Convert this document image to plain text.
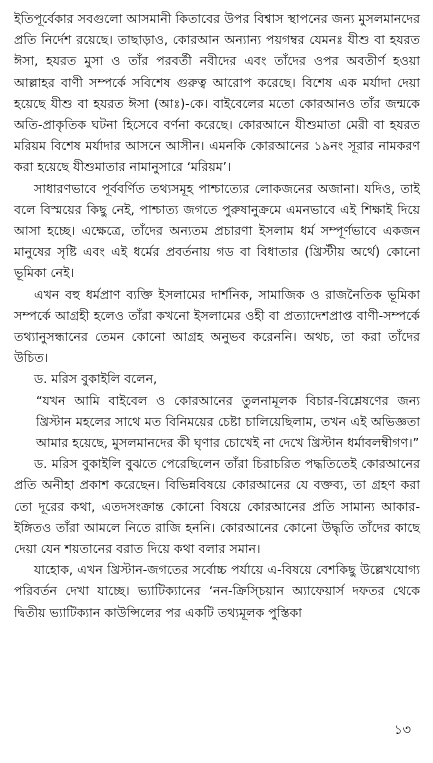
ইতিপূর্বেকার সবগুলো আসমানী কিতাবের উপর বিশ্বাস স্থাপনের জন্য মুসলমানদের প্রতি নির্দেশ রয়েছে। তাছাড়াও, কোরআন অন্যান্য পয়গম্বর যেমনঃ যীশু বা হযরত ঈসা, হযরত মুসা ও তাঁর পরবর্তী নবীদের এবং তাঁদের ওপর অবতীর্ণ হওয়া আল্লাহর বাণী সম্পর্কে সবিশেষ গুরুত্ব আরোপ করেছে। বিশেষ এক মর্যাদা দেয়া হয়েছে যীশু বা হযরত ঈসা (আঃ)-কে। বাইবেলের মতো কোরআনও তাঁর জন্মকে অতি-প্রাকৃতিক ঘটনা হিসেবে বর্ণনা করেছে। কোরআনে যীশুমাতা মেরী বা হযরত মরিয়ম বিশেষ মর্যাদার আসনে আসীন। এমনকি কোরআনের ১৯নং সূরার নামকরণ করা হয়েছে যীশুমাতার নামানুসারে ‘মরিয়ম’।

সাধারণভাবে পূর্ববর্ণিত তথ্যসমূহ পাশ্চাত্যের লোকজনের অজানা। যদিও, তাই বলে বিস্ময়ের কিছু নেই, পাশ্চাত্য জগতে পুরুষানুক্রমে এমনভাবে এই শিক্ষাই দিয়ে আসা হচ্ছে। এক্ষেত্রে, তাঁদের অন্যতম প্রচারণা ইসলাম ধর্ম সম্পূর্ণভাবে একজন মানুষের সৃষ্টি এবং এই ধর্মের প্রবর্তনায় গড বা বিধাতার (খ্রিস্টীয় অর্থে) কোনো ভূমিকা নেই।

এখন বহু ধর্মপ্রাণ ব্যক্তি ইসলামের দার্শনিক, সামাজিক ও রাজনৈতিক ভূমিকা সম্পর্কে আগ্রহী হলেও তাঁরা কখনো ইসলামের ওহী বা প্রত্যাদেশপ্রাপ্ত বাণী-সম্পর্কে তথ্যানুসন্ধানের তেমন কোনো আগ্রহ অনুভব করেননি। অথচ, তা করা তাঁদের উচিত।

ড. মরিস বুকাইলি বলেন,

“যখন আমি বাইবেল ও কোরআনের তুলনামূলক বিচার-বিশ্লেষণের জন্য খ্রিস্টান মহলের সাথে মত বিনিময়ের চেষ্টা চালিয়েছিলাম, তখন এই অভিজ্ঞতা আমার হয়েছে, মুসলমানদের কী ঘৃণার চোখেই না দেখে খ্রিস্টান ধর্মাবলম্বীগণ।”

ড. মরিস বুকাইলি বুঝতে পেরেছিলেন তাঁরা চিরাচরিত পদ্ধতিতেই কোরআনের প্রতি অনীহা প্রকাশ করেছেন। বিভিন্নবিষয়ে কোরআনের যে বক্তব্য, তা গ্রহণ করা তো দূরের কথা, এতদসংক্রান্ত কোনো বিষয়ে কোরআনের প্রতি সামান্য আকার-ইঙ্গিতও তাঁরা আমলে নিতে রাজি হননি। কোরআনের কোনো উদ্ধৃতি তাঁদের কাছে দেয়া যেন শয়তানের বরাত দিয়ে কথা বলার সমান।

যাহোক, এখন খ্রিস্টান-জগতের সর্বোচ্চ পর্যায়ে এ-বিষয়ে বেশকিছু উল্লেখযোগ্য পরিবর্তন দেখা যাচ্ছে। ভ্যাটিক্যানের ‘নন-ক্রিস্চিয়ান অ্যাফেয়ার্স দফতর থেকে দ্বিতীয় ভ্যাটিক্যান কাউন্সিলের পর একটি তথ্যমূলক পুস্তিকা

১৩
